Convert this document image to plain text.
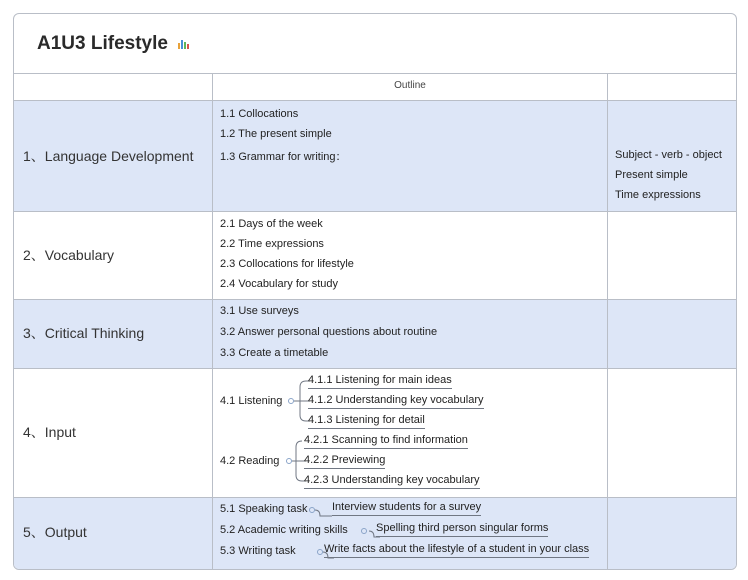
A1U3 Lifestyle
Outline
1、Language Development
1.1 Collocations
1.2 The present simple
1.3 Grammar for writing：	Subject - verb - object
Present simple
Time expressions
2、Vocabulary
2.1 Days of the week
2.2 Time expressions
2.3 Collocations for lifestyle
2.4 Vocabulary for study
3、Critical Thinking
3.1 Use surveys
3.2 Answer personal questions about routine
3.3 Create a timetable
4、Input
4.1 Listening
4.2 Reading
4.1.1 Listening for main ideas
4.1.2 Understanding key vocabulary
4.1.3 Listening for detail
4.2.1 Scanning to find information
4.2.2 Previewing
4.2.3 Understanding key vocabulary
5、Output
5.1 Speaking task
5.2 Academic writing skills
5.3 Writing task
Interview students for a survey
Spelling third person singular forms
Write facts about the lifestyle of a student in your class
